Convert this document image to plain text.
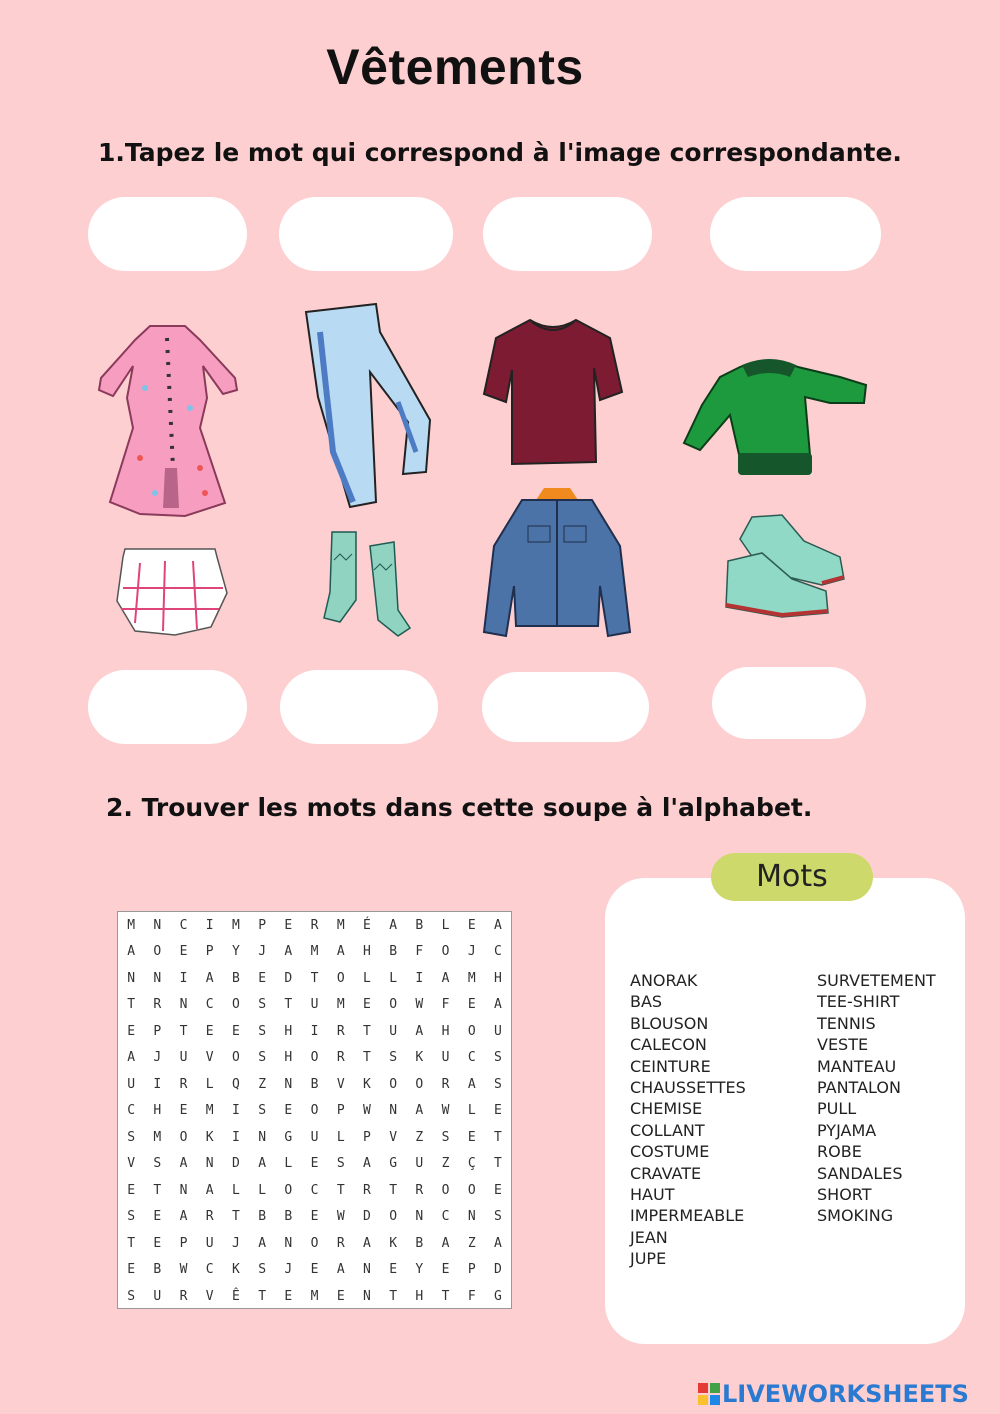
Vêtements
1.Tapez le mot qui correspond à l'image correspondante.
2. Trouver les mots dans cette soupe à l'alphabet.
M	N	C	I	M	P	E	R	M	É	A	B	L	E	A
A	O	E	P	Y	J	A	M	A	H	B	F	O	J	C
N	N	I	A	B	E	D	T	O	L	L	I	A	M	H
T	R	N	C	O	S	T	U	M	E	O	W	F	E	A
E	P	T	E	E	S	H	I	R	T	U	A	H	O	U
A	J	U	V	O	S	H	O	R	T	S	K	U	C	S
U	I	R	L	Q	Z	N	B	V	K	O	O	R	A	S
C	H	E	M	I	S	E	O	P	W	N	A	W	L	E
S	M	O	K	I	N	G	U	L	P	V	Z	S	E	T
V	S	A	N	D	A	L	E	S	A	G	U	Z	Ç	T
E	T	N	A	L	L	O	C	T	R	T	R	O	O	E
S	E	A	R	T	B	B	E	W	D	O	N	C	N	S
T	E	P	U	J	A	N	O	R	A	K	B	A	Z	A
E	B	W	C	K	S	J	E	A	N	E	Y	E	P	D
S	U	R	V	Ê	T	E	M	E	N	T	H	T	F	G
Mots
ANORAK
BAS
BLOUSON
CALECON
CEINTURE
CHAUSSETTES
CHEMISE
COLLANT
COSTUME
CRAVATE
HAUT
IMPERMEABLE
JEAN
JUPE
SURVETEMENT
TEE-SHIRT
TENNIS
VESTE
MANTEAU
PANTALON
PULL
PYJAMA
ROBE
SANDALES
SHORT
SMOKING
LIVEWORKSHEETS
